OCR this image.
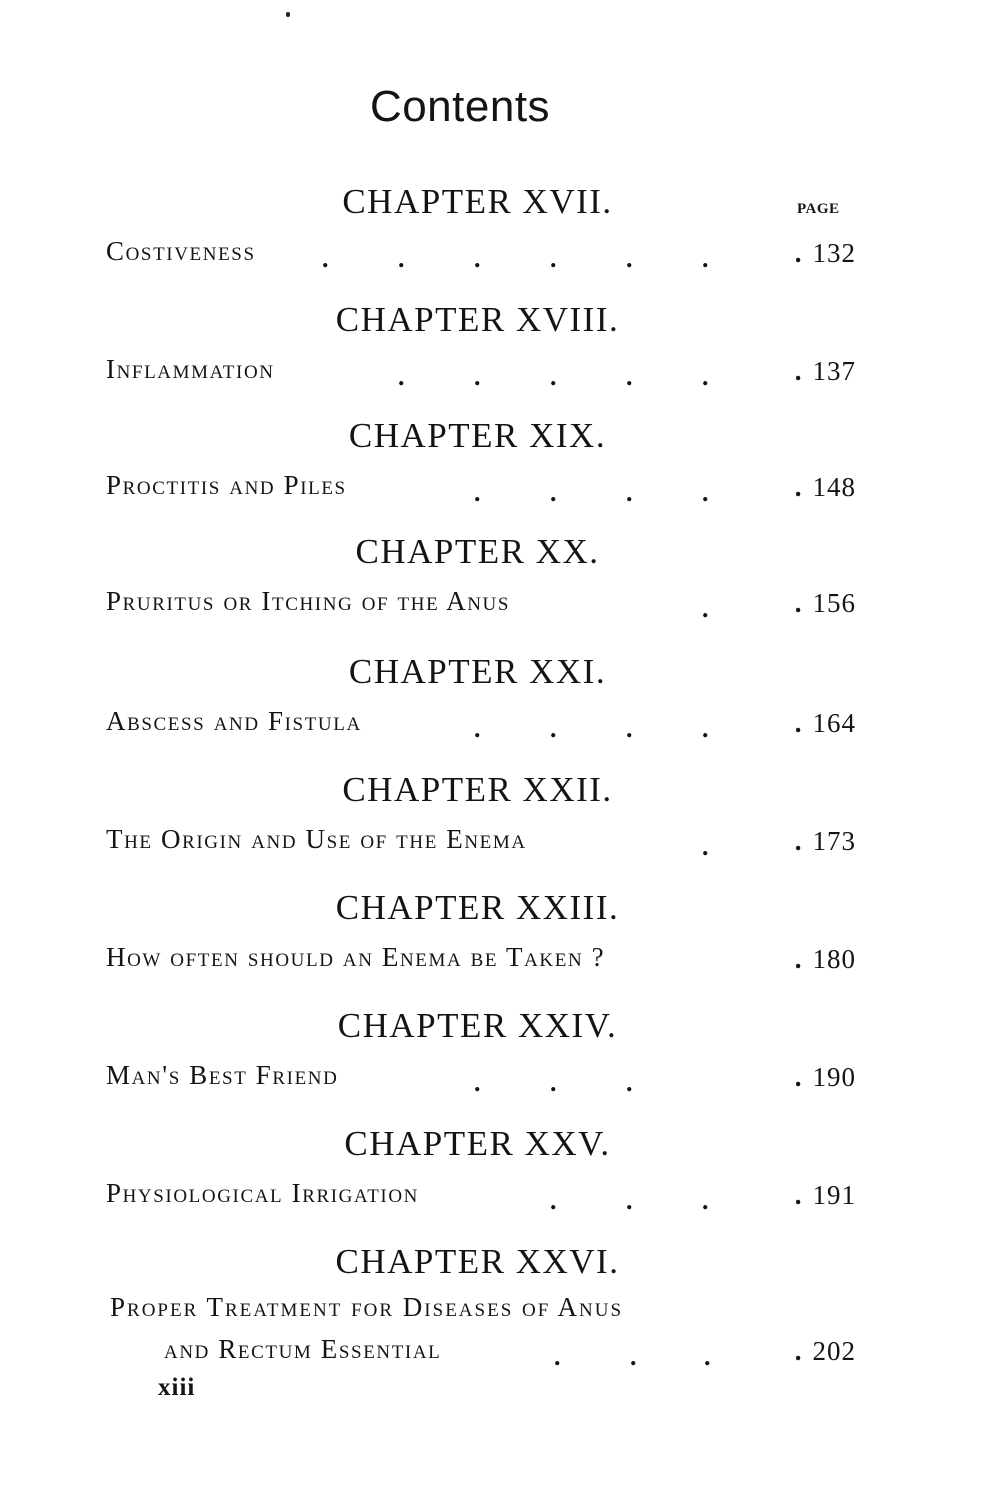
Contents
PAGE
CHAPTER XVII.
Costiveness	.	.	.	.	.	.	. 132
CHAPTER XVIII.
Inflammation	.	.	.	.	.	. 137
CHAPTER XIX.
Proctitis and Piles	.	.	.	.	. 148
CHAPTER XX.
Pruritus or Itching of the Anus	.	. 156
CHAPTER XXI.
Abscess and Fistula	.	.	.	.	. 164
CHAPTER XXII.
The Origin and Use of the Enema	.	. 173
CHAPTER XXIII.
How often should an Enema be Taken ?	. 180
CHAPTER XXIV.
Man's Best Friend	.	.	.	. 190
CHAPTER XXV.
Physiological Irrigation	.	.	.	. 191
CHAPTER XXVI.
Proper Treatment for Diseases of Anus
and Rectum Essential	.	.	.	. 202
xiii
